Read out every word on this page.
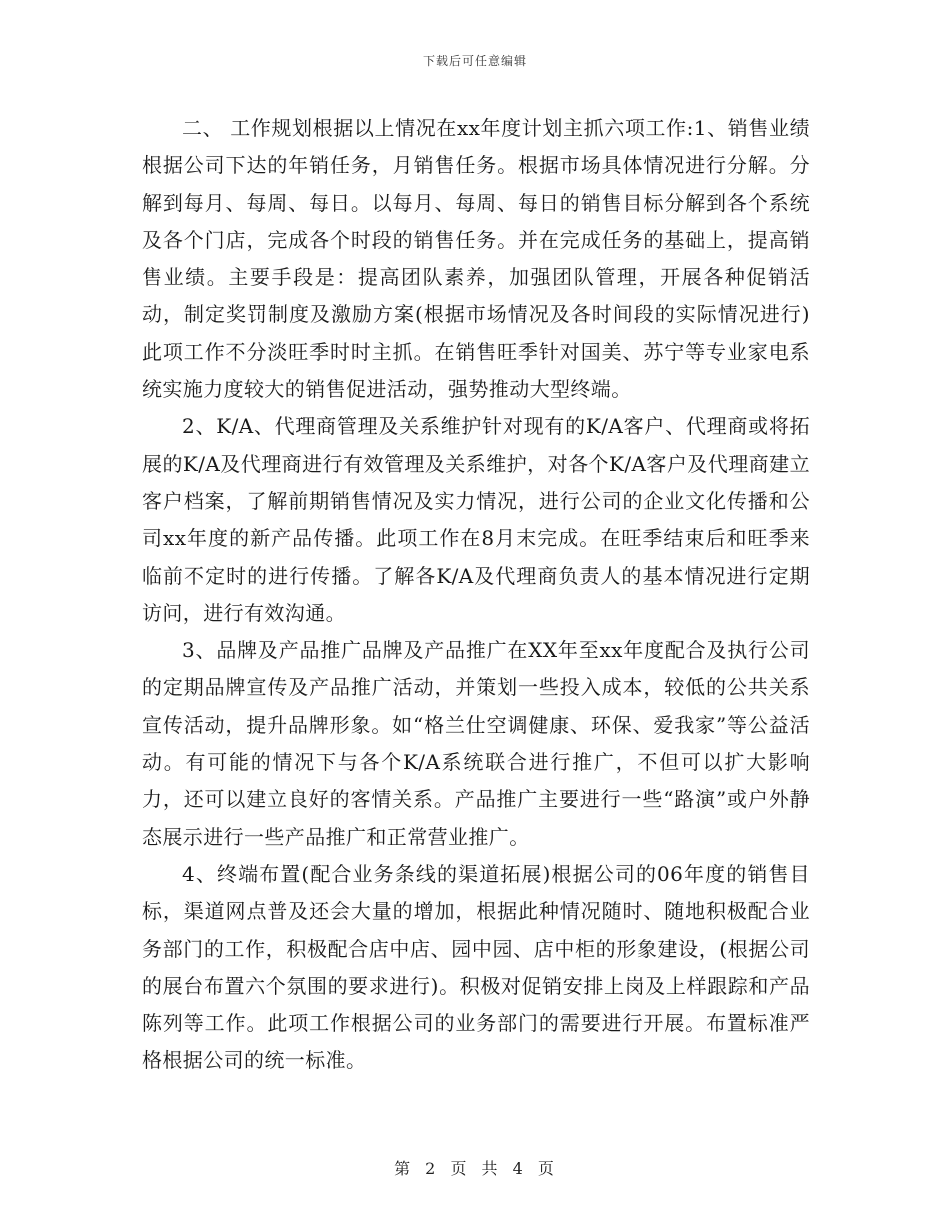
下载后可任意编辑

二、 工作规划根据以上情况在xx年度计划主抓六项工作:1、销售业绩根据公司下达的年销任务，月销售任务。根据市场具体情况进行分解。分解到每月、每周、每日。以每月、每周、每日的销售目标分解到各个系统及各个门店，完成各个时段的销售任务。并在完成任务的基础上，提高销售业绩。主要手段是：提高团队素养，加强团队管理，开展各种促销活动，制定奖罚制度及激励方案(根据市场情况及各时间段的实际情况进行)此项工作不分淡旺季时时主抓。在销售旺季针对国美、苏宁等专业家电系统实施力度较大的销售促进活动，强势推动大型终端。

2、K/A、代理商管理及关系维护针对现有的K/A客户、代理商或将拓展的K/A及代理商进行有效管理及关系维护，对各个K/A客户及代理商建立客户档案，了解前期销售情况及实力情况，进行公司的企业文化传播和公司xx年度的新产品传播。此项工作在8月末完成。在旺季结束后和旺季来临前不定时的进行传播。了解各K/A及代理商负责人的基本情况进行定期访问，进行有效沟通。

3、品牌及产品推广品牌及产品推广在XX年至xx年度配合及执行公司的定期品牌宣传及产品推广活动，并策划一些投入成本，较低的公共关系宣传活动，提升品牌形象。如“格兰仕空调健康、环保、爱我家”等公益活动。有可能的情况下与各个K/A系统联合进行推广，不但可以扩大影响力，还可以建立良好的客情关系。产品推广主要进行一些“路演”或户外静态展示进行一些产品推广和正常营业推广。

4、终端布置(配合业务条线的渠道拓展)根据公司的06年度的销售目标，渠道网点普及还会大量的增加，根据此种情况随时、随地积极配合业务部门的工作，积极配合店中店、园中园、店中柜的形象建设，(根据公司的展台布置六个氛围的要求进行)。积极对促销安排上岗及上样跟踪和产品陈列等工作。此项工作根据公司的业务部门的需要进行开展。布置标准严格根据公司的统一标准。

第 2 页 共 4 页
